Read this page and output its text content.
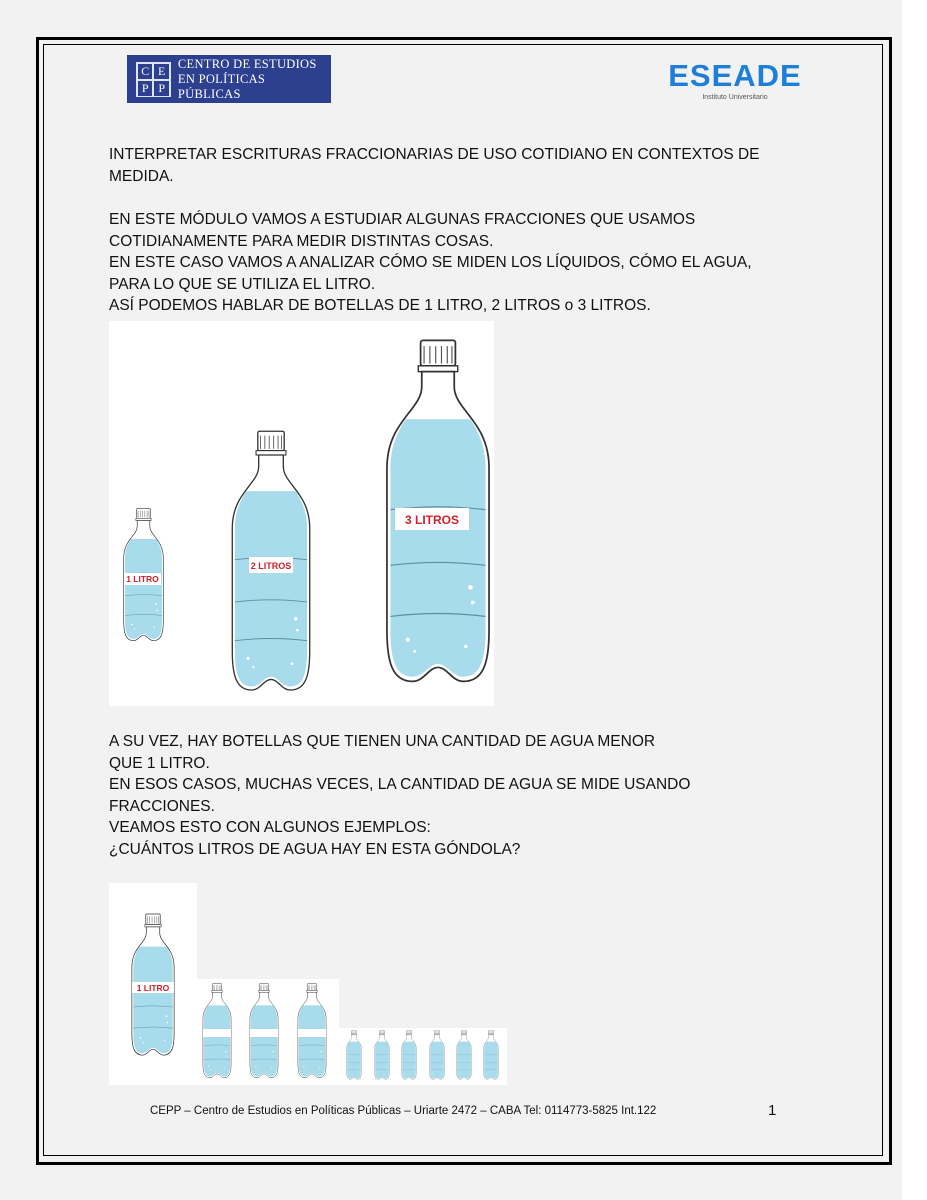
C E
P P
CENTRO DE ESTUDIOS
EN POLÍTICAS PÚBLICAS
ESEADE
Instituto Universitario
INTERPRETAR ESCRITURAS FRACCIONARIAS DE USO COTIDIANO EN CONTEXTOS DE
MEDIDA.
EN ESTE MÓDULO VAMOS A ESTUDIAR ALGUNAS FRACCIONES QUE USAMOS
COTIDIANAMENTE PARA MEDIR DISTINTAS COSAS.
EN ESTE CASO VAMOS A ANALIZAR CÓMO SE MIDEN LOS LÍQUIDOS, CÓMO EL AGUA,
PARA LO QUE SE UTILIZA EL LITRO.
ASÍ PODEMOS HABLAR DE BOTELLAS DE 1 LITRO, 2 LITROS o 3 LITROS.
1 LITRO
2 LITROS
3 LITROS
A SU VEZ, HAY BOTELLAS QUE TIENEN UNA CANTIDAD DE AGUA MENOR
QUE 1 LITRO.
EN ESOS CASOS, MUCHAS VECES, LA CANTIDAD DE AGUA SE MIDE USANDO
FRACCIONES.
VEAMOS ESTO CON ALGUNOS EJEMPLOS:
¿CUÁNTOS LITROS DE AGUA HAY EN ESTA GÓNDOLA?
1 LITRO
CEPP – Centro de Estudios en Políticas Públicas – Uriarte 2472 – CABA Tel: 0114773-5825 Int.122	1
